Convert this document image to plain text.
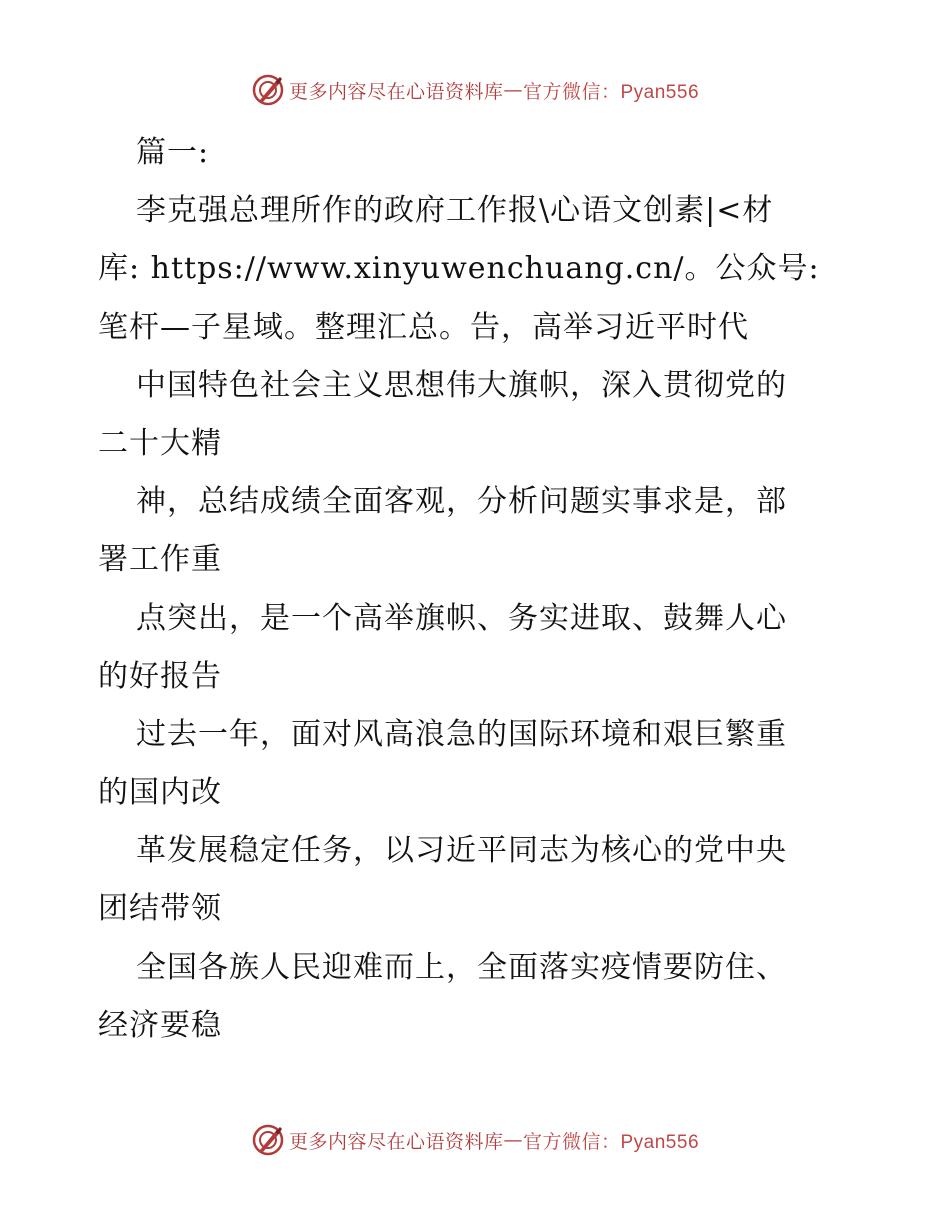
更多内容尽在心语资料库 — 官方微信：Pyan556
篇一:
李克强总理所作的政府工作报\心语文创素|<材
库: https://www.xinyuwenchuang.cn/。公众号:
笔杆—子星域。整理汇总。告，高举习近平时代
中国特色社会主义思想伟大旗帜，深入贯彻党的
二十大精
神，总结成绩全面客观，分析问题实事求是，部
署工作重
点突出，是一个高举旗帜、务实进取、鼓舞人心
的好报告
过去一年，面对风高浪急的国际环境和艰巨繁重
的国内改
革发展稳定任务，以习近平同志为核心的党中央
团结带领
全国各族人民迎难而上，全面落实疫情要防住、
经济要稳
更多内容尽在心语资料库 — 官方微信：Pyan556
